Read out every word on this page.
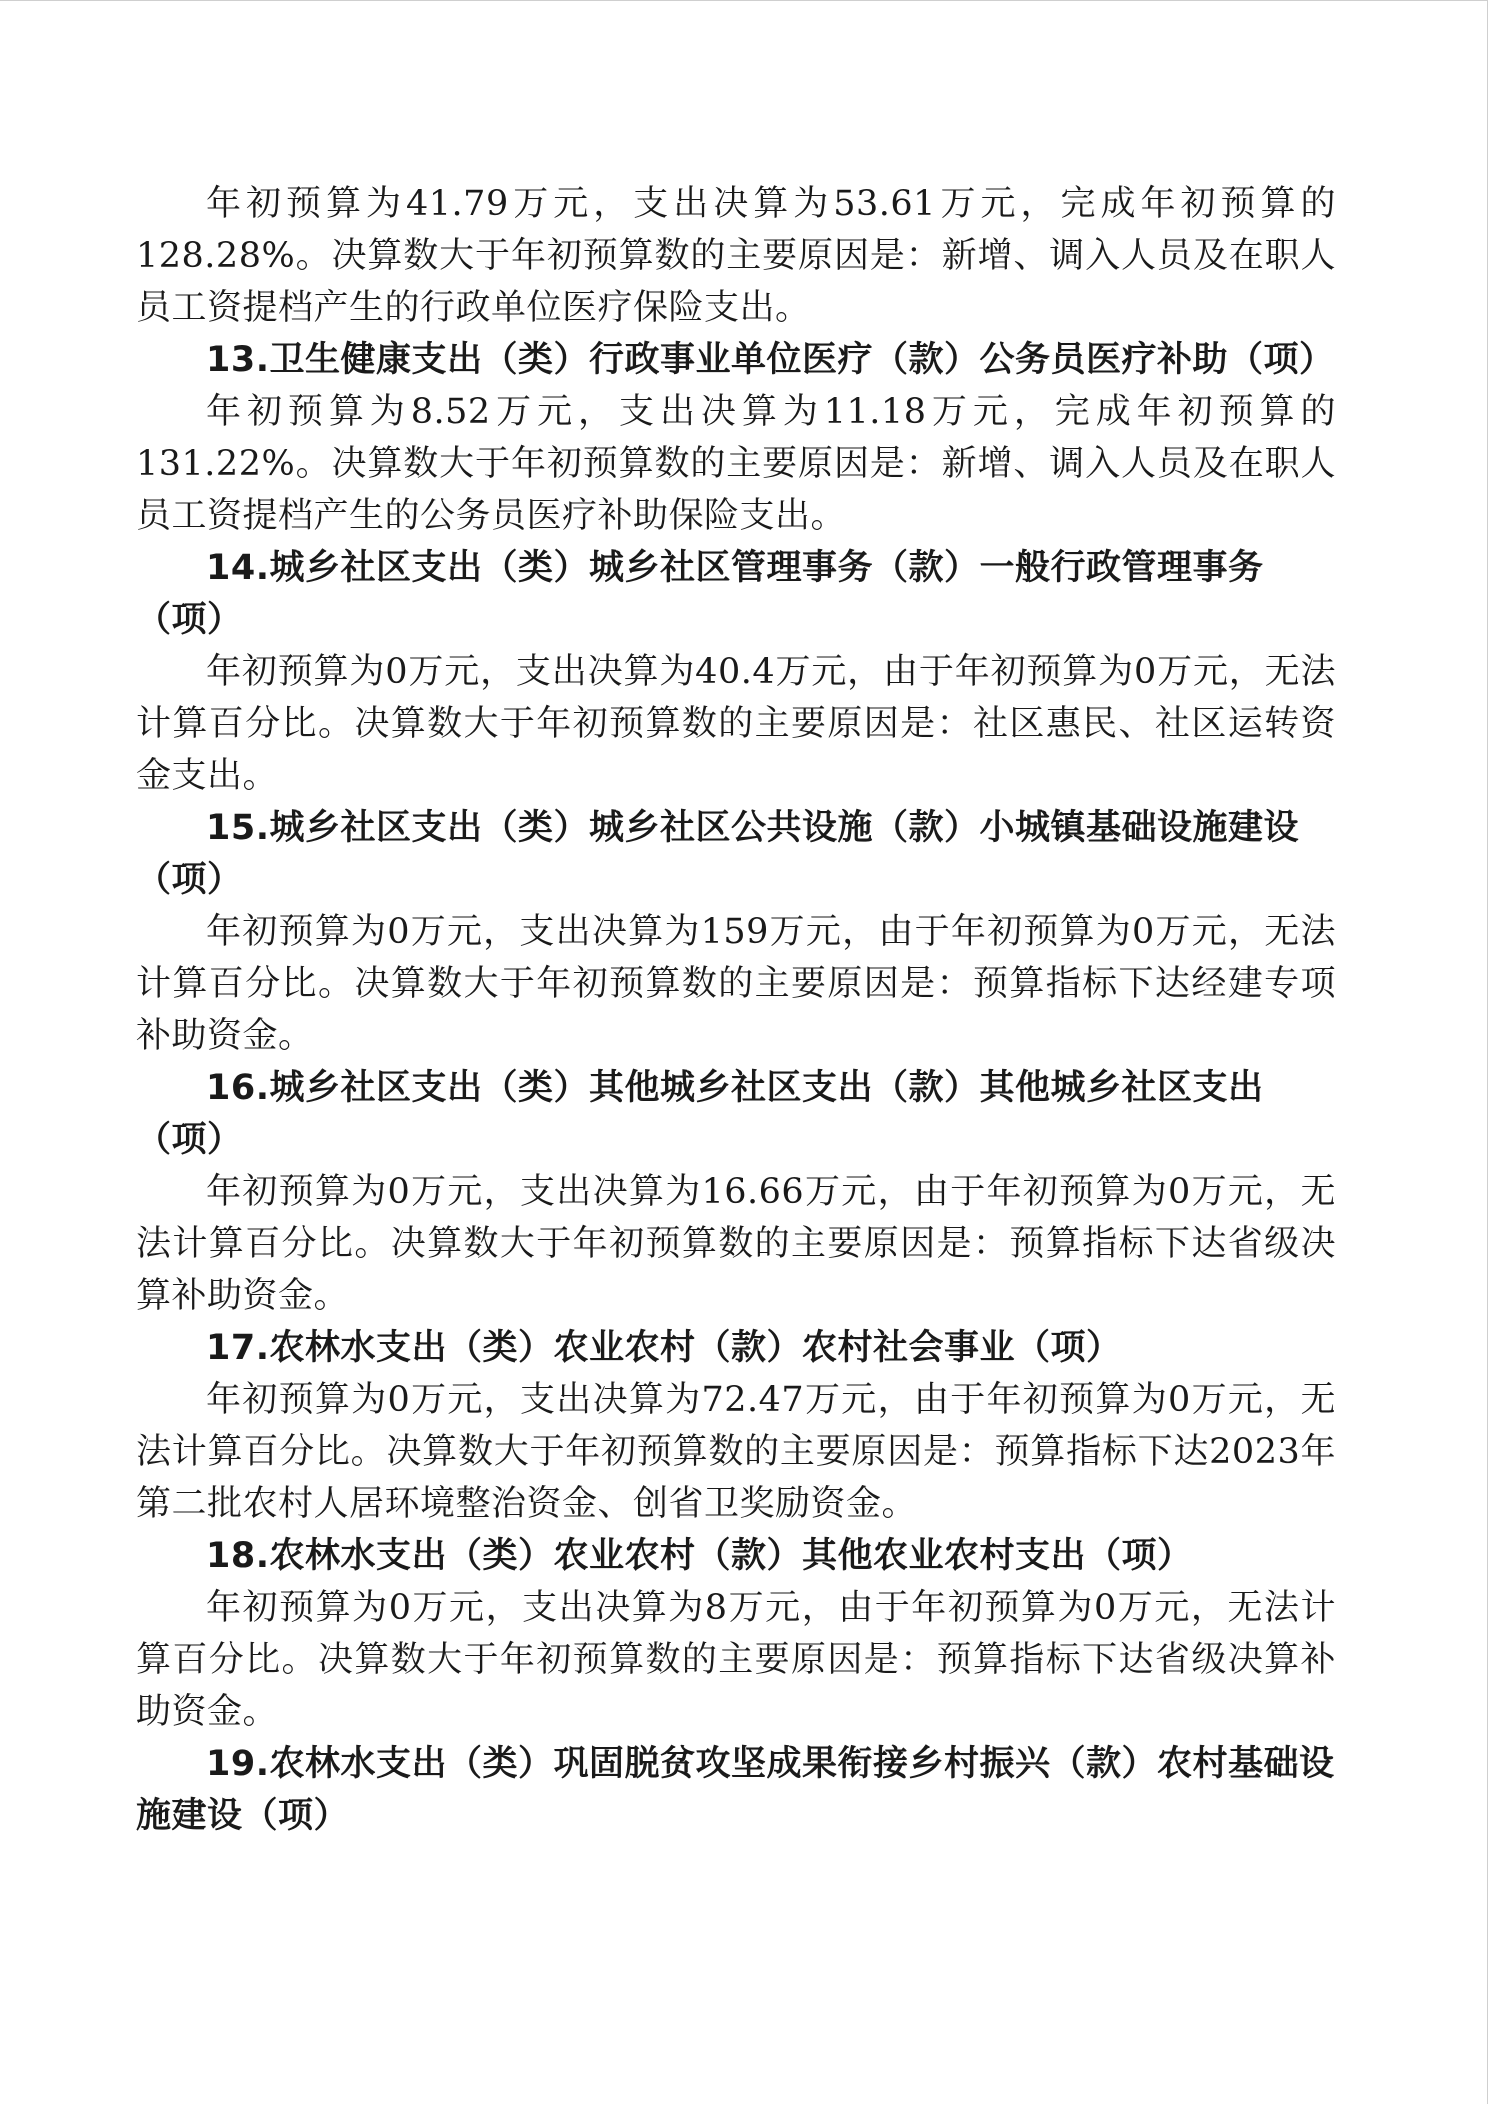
年初预算为41.79万元，支出决算为53.61万元，完成年初预算的128.28%。决算数大于年初预算数的主要原因是：新增、调入人员及在职人员工资提档产生的行政单位医疗保险支出。

13.卫生健康支出（类）行政事业单位医疗（款）公务员医疗补助（项）

年初预算为8.52万元，支出决算为11.18万元，完成年初预算的131.22%。决算数大于年初预算数的主要原因是：新增、调入人员及在职人员工资提档产生的公务员医疗补助保险支出。

14.城乡社区支出（类）城乡社区管理事务（款）一般行政管理事务（项）

年初预算为0万元，支出决算为40.4万元，由于年初预算为0万元，无法计算百分比。决算数大于年初预算数的主要原因是：社区惠民、社区运转资金支出。

15.城乡社区支出（类）城乡社区公共设施（款）小城镇基础设施建设（项）

年初预算为0万元，支出决算为159万元，由于年初预算为0万元，无法计算百分比。决算数大于年初预算数的主要原因是：预算指标下达经建专项补助资金。

16.城乡社区支出（类）其他城乡社区支出（款）其他城乡社区支出（项）

年初预算为0万元，支出决算为16.66万元，由于年初预算为0万元，无法计算百分比。决算数大于年初预算数的主要原因是：预算指标下达省级决算补助资金。

17.农林水支出（类）农业农村（款）农村社会事业（项）

年初预算为0万元，支出决算为72.47万元，由于年初预算为0万元，无法计算百分比。决算数大于年初预算数的主要原因是：预算指标下达2023年第二批农村人居环境整治资金、创省卫奖励资金。

18.农林水支出（类）农业农村（款）其他农业农村支出（项）

年初预算为0万元，支出决算为8万元，由于年初预算为0万元，无法计算百分比。决算数大于年初预算数的主要原因是：预算指标下达省级决算补助资金。

19.农林水支出（类）巩固脱贫攻坚成果衔接乡村振兴（款）农村基础设施建设（项）
